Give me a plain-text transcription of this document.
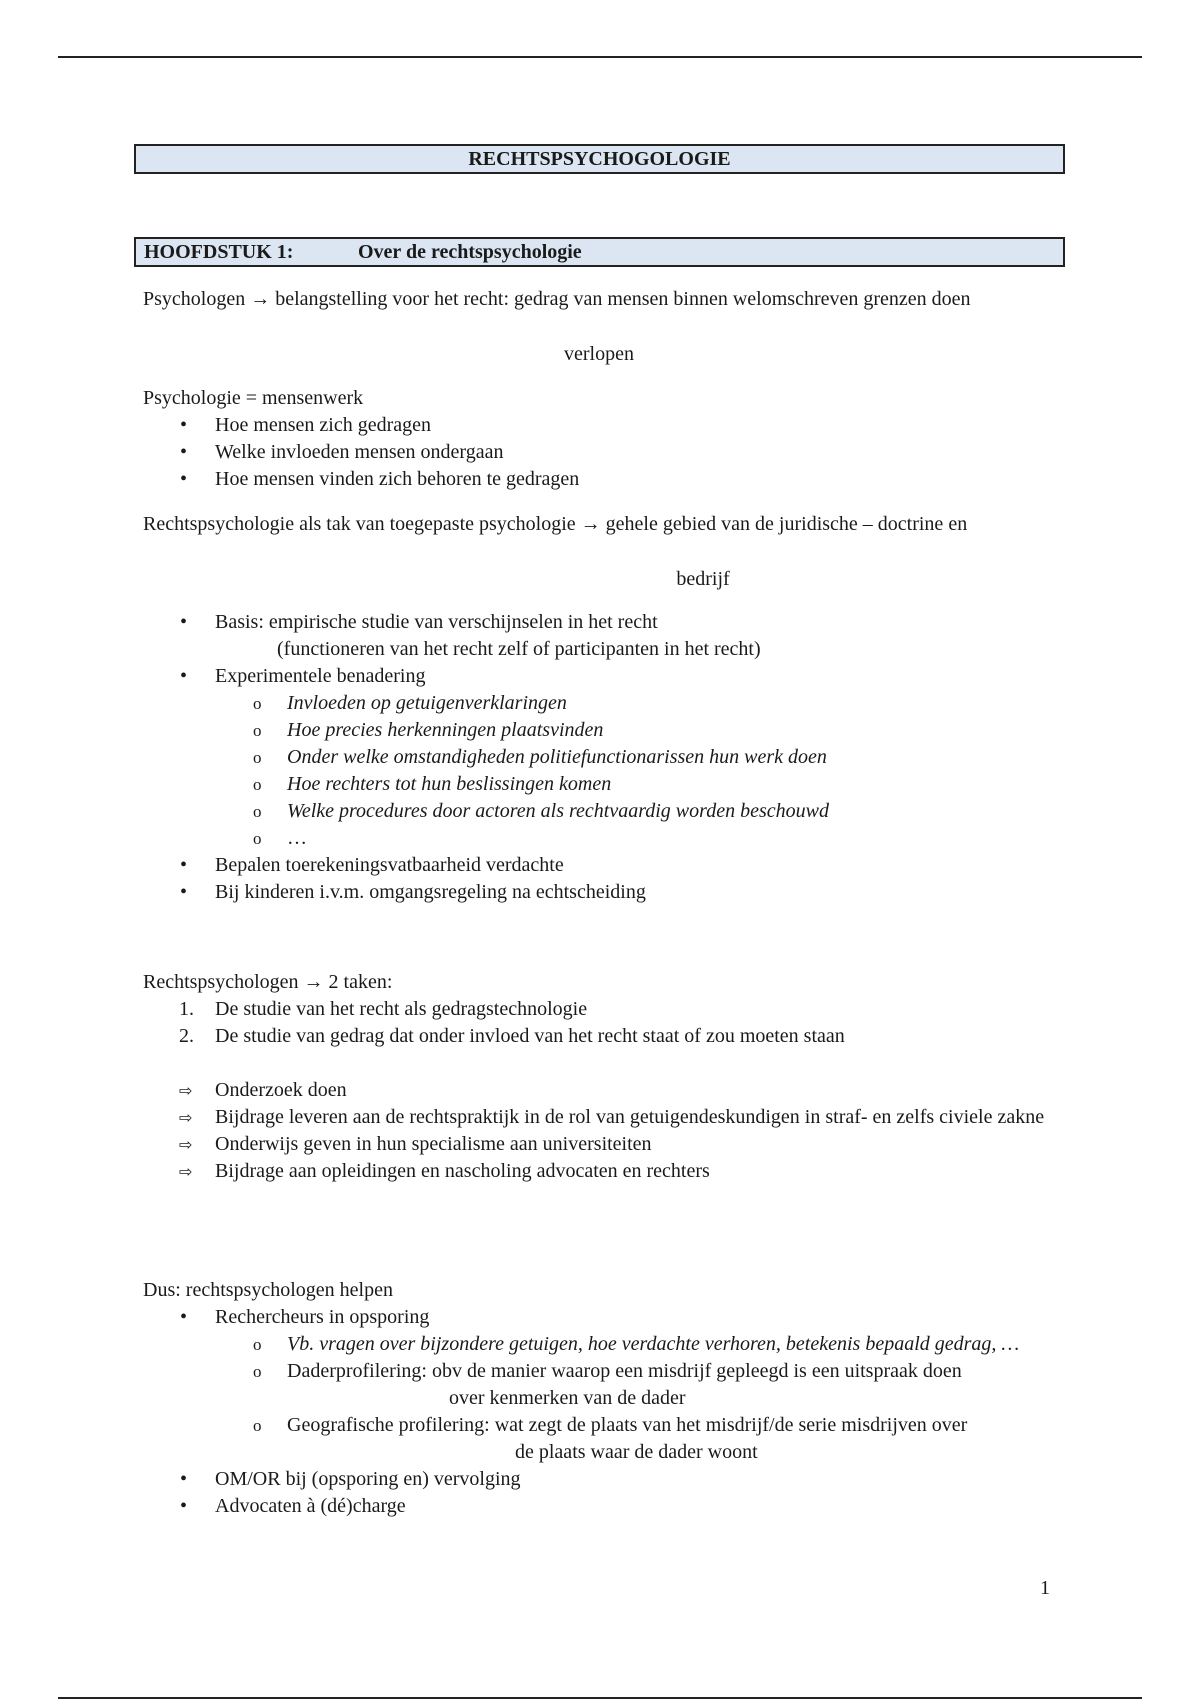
RECHTSPSYCHOGOLOGIE
HOOFDSTUK 1:	Over de rechtspsychologie
Psychologen → belangstelling voor het recht: gedrag van mensen binnen welomschreven grenzen doen
verlopen
Psychologie = mensenwerk
• Hoe mensen zich gedragen
• Welke invloeden mensen ondergaan
• Hoe mensen vinden zich behoren te gedragen
Rechtspsychologie als tak van toegepaste psychologie → gehele gebied van de juridische – doctrine en
bedrijf
• Basis: empirische studie van verschijnselen in het recht
(functioneren van het recht zelf of participanten in het recht)
• Experimentele benadering
o Invloeden op getuigenverklaringen
o Hoe precies herkenningen plaatsvinden
o Onder welke omstandigheden politiefunctionarissen hun werk doen
o Hoe rechters tot hun beslissingen komen
o Welke procedures door actoren als rechtvaardig worden beschouwd
o …
• Bepalen toerekeningsvatbaarheid verdachte
• Bij kinderen i.v.m. omgangsregeling na echtscheiding
Rechtspsychologen → 2 taken:
1. De studie van het recht als gedragstechnologie
2. De studie van gedrag dat onder invloed van het recht staat of zou moeten staan
⇨ Onderzoek doen
⇨ Bijdrage leveren aan de rechtspraktijk in de rol van getuigendeskundigen in straf- en zelfs civiele zakne
⇨ Onderwijs geven in hun specialisme aan universiteiten
⇨ Bijdrage aan opleidingen en nascholing advocaten en rechters
Dus: rechtspsychologen helpen
• Rechercheurs in opsporing
o Vb. vragen over bijzondere getuigen, hoe verdachte verhoren, betekenis bepaald gedrag, …
o Daderprofilering: obv de manier waarop een misdrijf gepleegd is een uitspraak doen
over kenmerken van de dader
o Geografische profilering: wat zegt de plaats van het misdrijf/de serie misdrijven over
de plaats waar de dader woont
• OM/OR bij (opsporing en) vervolging
• Advocaten à (dé)charge
1
